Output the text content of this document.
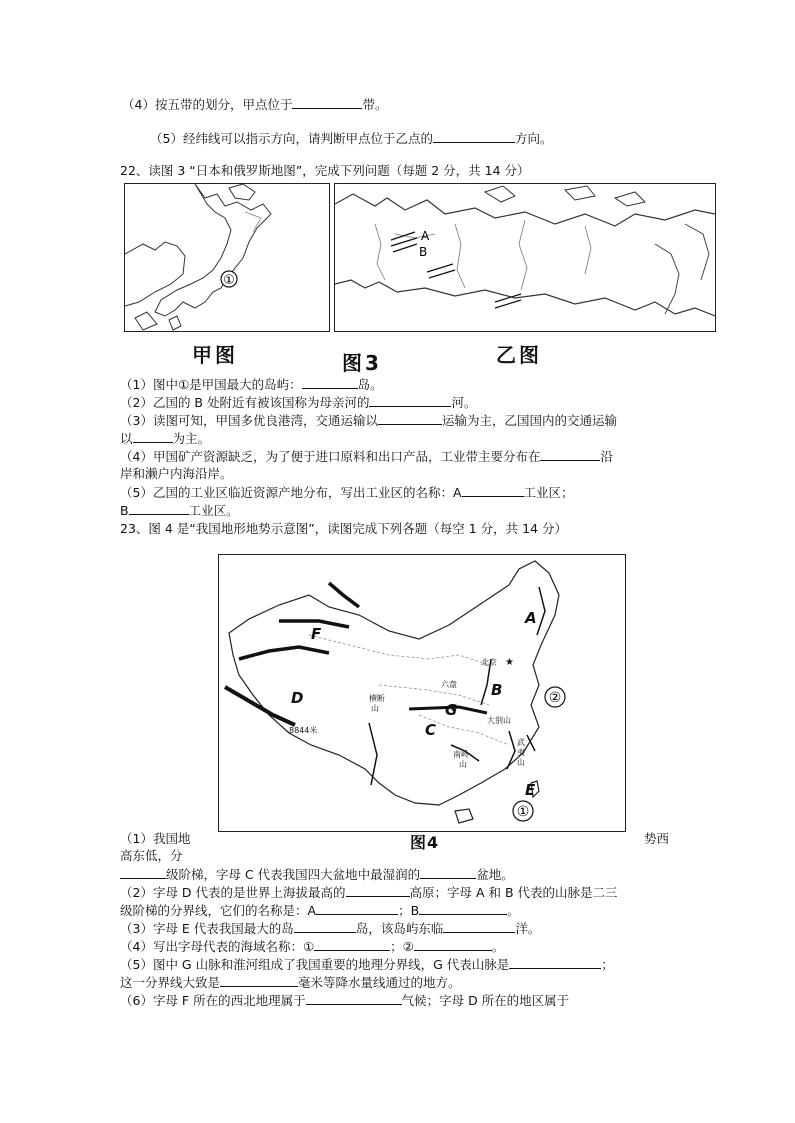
（4）按五带的划分，甲点位于	带。
（5）经纬线可以指示方向，请判断甲点位于乙点的	方向。
22、读图 3 “日本和俄罗斯地图”，完成下列问题（每题 2 分，共 14 分）
①
A
B
甲图	图3	乙图
（1）图中①是甲国最大的岛屿：	岛。
（2）乙国的 B 处附近有被该国称为母亲河的	河。
（3）读图可知，甲国多优良港湾，交通运输以	运输为主，乙国国内的交通运输
以	为主。
（4）甲国矿产资源缺乏，为了便于进口原料和出口产品，工业带主要分布在	沿
岸和濑户内海沿岸。
（5）乙国的工业区临近资源产地分布，写出工业区的名称：A	工业区；
B	工业区。
23、图 4 是“我国地形地势示意图”，读图完成下列各题（每空 1 分，共 14 分）
A
B
C
D
E
F
G
①
②
北京 ★
8844米
六盘
横断
山
大别山
南岭
山
武
夷
山
（1）我国地	图4	势西
高东低，分
级阶梯，字母 C 代表我国四大盆地中最湿润的	盆地。
（2）字母 D 代表的是世界上海拔最高的	高原；字母 A 和 B 代表的山脉是二三
级阶梯的分界线，它们的名称是：A	；B	。
（3）字母 E 代表我国最大的岛	岛，该岛屿东临	洋。
（4）写出字母代表的海域名称：①	；②	。
（5）图中 G 山脉和淮河组成了我国重要的地理分界线，G 代表山脉是	；
这一分界线大致是	毫米等降水量线通过的地方。
（6）字母 F 所在的西北地理属于	气候；字母 D 所在的地区属于
